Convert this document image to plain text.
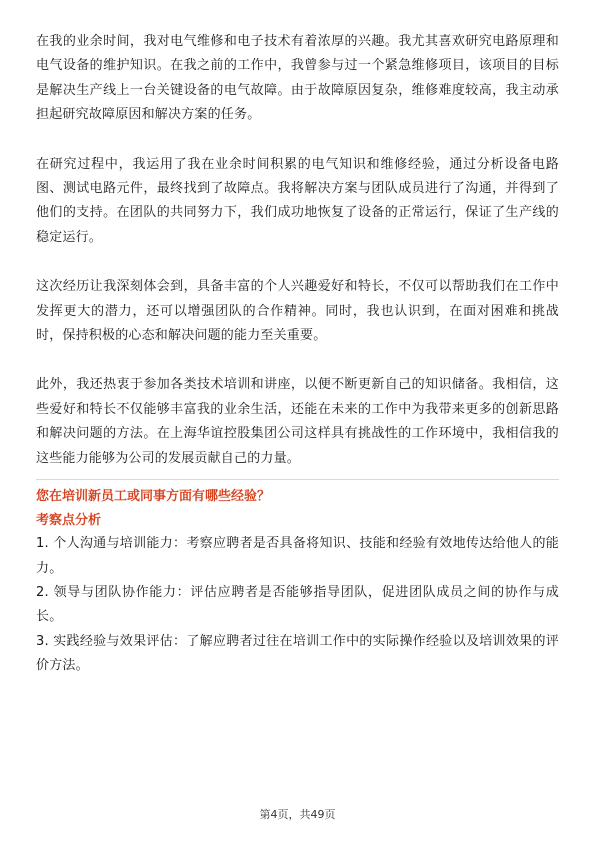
在我的业余时间，我对电气维修和电子技术有着浓厚的兴趣。我尤其喜欢研究电路原理和电气设备的维护知识。在我之前的工作中，我曾参与过一个紧急维修项目，该项目的目标是解决生产线上一台关键设备的电气故障。由于故障原因复杂，维修难度较高，我主动承担起研究故障原因和解决方案的任务。

在研究过程中，我运用了我在业余时间积累的电气知识和维修经验，通过分析设备电路图、测试电路元件，最终找到了故障点。我将解决方案与团队成员进行了沟通，并得到了他们的支持。在团队的共同努力下，我们成功地恢复了设备的正常运行，保证了生产线的稳定运行。

这次经历让我深刻体会到，具备丰富的个人兴趣爱好和特长，不仅可以帮助我们在工作中发挥更大的潜力，还可以增强团队的合作精神。同时，我也认识到，在面对困难和挑战时，保持积极的心态和解决问题的能力至关重要。

此外，我还热衷于参加各类技术培训和讲座，以便不断更新自己的知识储备。我相信，这些爱好和特长不仅能够丰富我的业余生活，还能在未来的工作中为我带来更多的创新思路和解决问题的方法。在上海华谊控股集团公司这样具有挑战性的工作环境中，我相信我的这些能力能够为公司的发展贡献自己的力量。

您在培训新员工或同事方面有哪些经验？
考察点分析
1. 个人沟通与培训能力：考察应聘者是否具备将知识、技能和经验有效地传达给他人的能力。
2. 领导与团队协作能力：评估应聘者是否能够指导团队，促进团队成员之间的协作与成长。
3. 实践经验与效果评估：了解应聘者过往在培训工作中的实际操作经验以及培训效果的评价方法。
第4页，共49页
